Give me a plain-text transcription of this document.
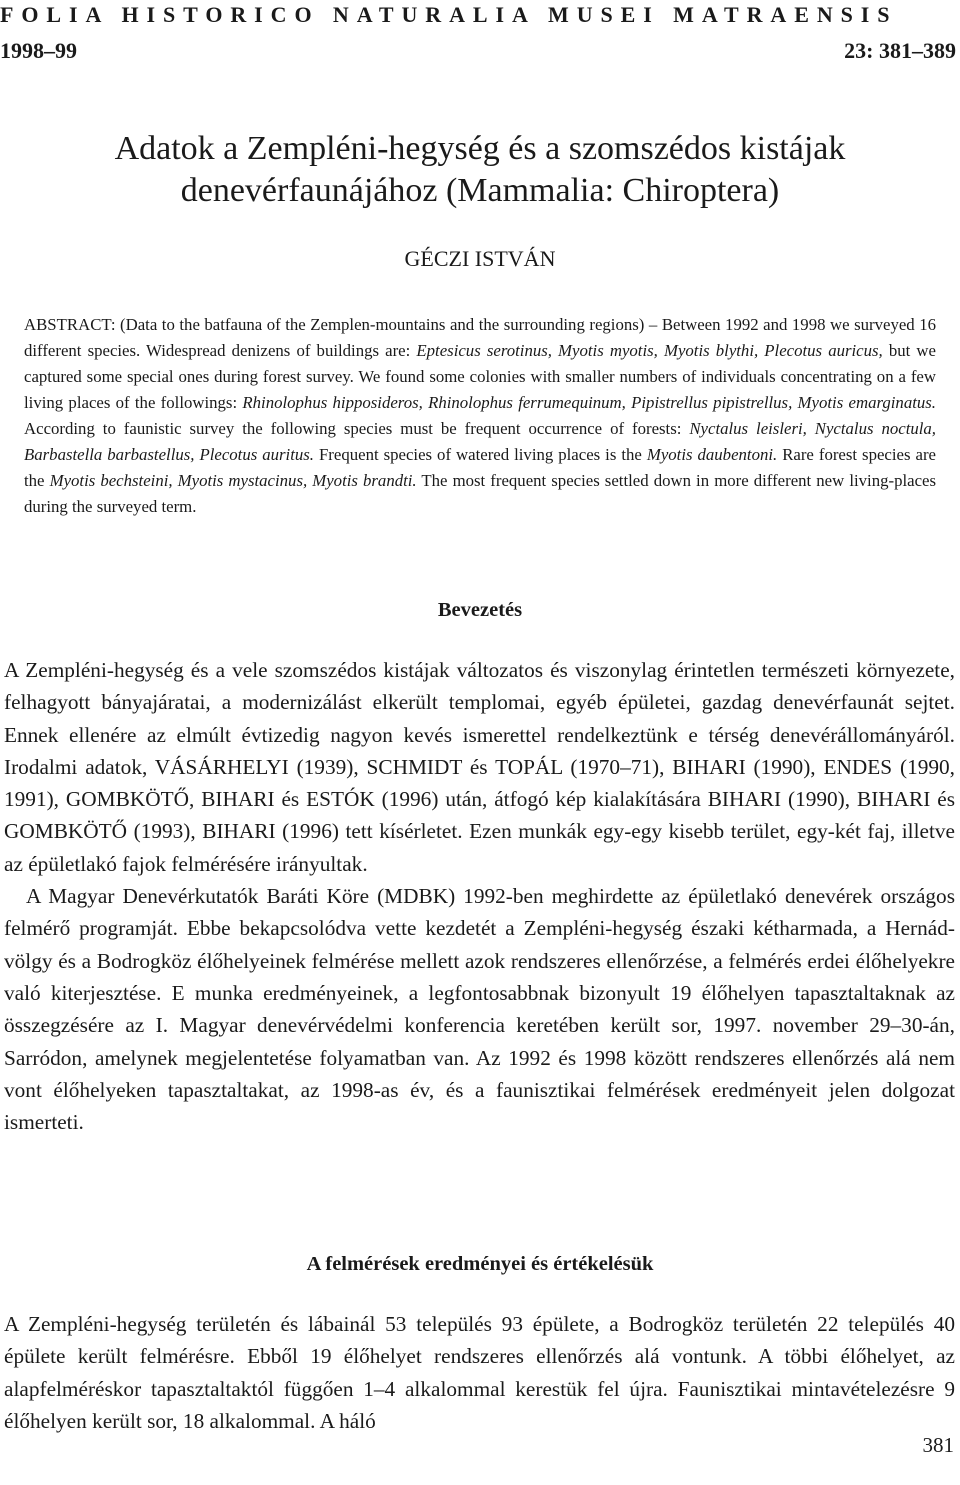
FOLIA HISTORICO NATURALIA MUSEI MATRAENSIS
1998–99	23: 381–389
Adatok a Zempléni-hegység és a szomszédos kistájak
denevérfaunájához (Mammalia: Chiroptera)
GÉCZI ISTVÁN
ABSTRACT: (Data to the batfauna of the Zemplen-mountains and the surrounding regions) – Between 1992 and 1998 we surveyed 16 different species. Widespread denizens of buildings are: Eptesicus serotinus, Myotis myotis, Myotis blythi, Plecotus auricus, but we captured some special ones during forest survey. We found some colonies with smaller numbers of individuals concentrating on a few living places of the followings: Rhinolophus hipposideros, Rhinolophus ferrumequinum, Pipistrellus pipistrellus, Myotis emarginatus. According to faunistic survey the following species must be frequent occurrence of forests: Nyctalus leisleri, Nyctalus noctula, Barbastella barbastellus, Plecotus auritus. Frequent species of watered living places is the Myotis daubentoni. Rare forest species are the Myotis bechsteini, Myotis mystacinus, Myotis brandti. The most frequent species settled down in more different new living-places during the surveyed term.
Bevezetés

A Zempléni-hegység és a vele szomszédos kistájak változatos és viszonylag érintetlen természeti környezete, felhagyott bányajáratai, a modernizálást elkerült templomai, egyéb épületei, gazdag denevérfaunát sejtet. Ennek ellenére az elmúlt évtizedig nagyon kevés ismerettel rendelkeztünk e térség denevérállományáról. Irodalmi adatok, VÁSÁRHELYI (1939), SCHMIDT és TOPÁL (1970–71), BIHARI (1990), ENDES (1990, 1991), GOMBKÖTŐ, BIHARI és ESTÓK (1996) után, átfogó kép kialakítására BIHARI (1990), BIHARI és GOMBKÖTŐ (1993), BIHARI (1996) tett kísérletet. Ezen munkák egy-egy kisebb terület, egy-két faj, illetve az épületlakó fajok felmérésére irányultak.

A Magyar Denevérkutatók Baráti Köre (MDBK) 1992-ben meghirdette az épületlakó denevérek országos felmérő programját. Ebbe bekapcsolódva vette kezdetét a Zempléni-hegység északi kétharmada, a Hernád-völgy és a Bodrogköz élőhelyeinek felmérése mellett azok rendszeres ellenőrzése, a felmérés erdei élőhelyekre való kiterjesztése. E munka eredményeinek, a legfontosabbnak bizonyult 19 élőhelyen tapasztaltaknak az összegzésére az I. Magyar denevérvédelmi konferencia keretében került sor, 1997. november 29–30-án, Sarródon, amelynek megjelentetése folyamatban van. Az 1992 és 1998 között rendszeres ellenőrzés alá nem vont élőhelyeken tapasztaltakat, az 1998-as év, és a faunisztikai felmérések eredményeit jelen dolgozat ismerteti.

A felmérések eredményei és értékelésük

A Zempléni-hegység területén és lábainál 53 település 93 épülete, a Bodrogköz területén 22 település 40 épülete került felmérésre. Ebből 19 élőhelyet rendszeres ellenőrzés alá vontunk. A többi élőhelyet, az alapfelméréskor tapasztaltaktól függően 1–4 alkalommal kerestük fel újra. Faunisztikai mintavételezésre 9 élőhelyen került sor, 18 alkalommal. A háló

381
